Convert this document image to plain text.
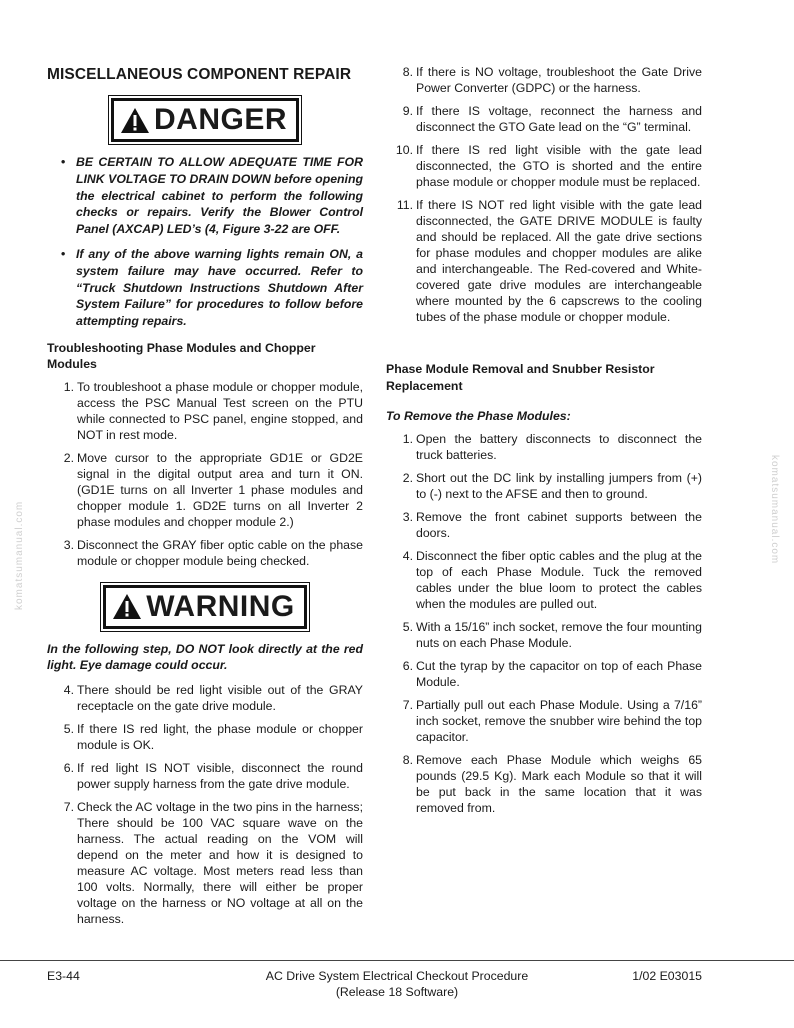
komatsumanual.com	komatsumanual.com
MISCELLANEOUS COMPONENT REPAIR
DANGER
• BE CERTAIN TO ALLOW ADEQUATE TIME FOR LINK VOLTAGE TO DRAIN DOWN before opening the electrical cabinet to perform the following checks or repairs. Verify the Blower Control Panel (AXCAP) LED’s (4, Figure 3-22 are OFF.
• If any of the above warning lights remain ON, a system failure may have occurred. Refer to “Truck Shutdown Instructions Shutdown After System Failure” for procedures to follow before attempting repairs.
Troubleshooting Phase Modules and Chopper Modules
1. To troubleshoot a phase module or chopper module, access the PSC Manual Test screen on the PTU while connected to PSC panel, engine stopped, and NOT in rest mode.
2. Move cursor to the appropriate GD1E or GD2E signal in the digital output area and turn it ON. (GD1E turns on all Inverter 1 phase modules and chopper module 1. GD2E turns on all Inverter 2 phase modules and chopper module 2.)
3. Disconnect the GRAY fiber optic cable on the phase module or chopper module being checked.
WARNING
In the following step, DO NOT look directly at the red light. Eye damage could occur.
4. There should be red light visible out of the GRAY receptacle on the gate drive module.
5. If there IS red light, the phase module or chopper module is OK.
6. If red light IS NOT visible, disconnect the round power supply harness from the gate drive module.
7. Check the AC voltage in the two pins in the harness; There should be 100 VAC square wave on the harness. The actual reading on the VOM will depend on the meter and how it is designed to measure AC voltage. Most meters read less than 100 volts. Normally, there will either be proper voltage on the harness or NO voltage at all on the harness.
8. If there is NO voltage, troubleshoot the Gate Drive Power Converter (GDPC) or the harness.
9. If there IS voltage, reconnect the harness and disconnect the GTO Gate lead on the “G” terminal.
10. If there IS red light visible with the gate lead disconnected, the GTO is shorted and the entire phase module or chopper module must be replaced.
11. If there IS NOT red light visible with the gate lead disconnected, the GATE DRIVE MODULE is faulty and should be replaced. All the gate drive sections for phase modules and chopper modules are alike and interchangeable. The Red-covered and White-covered gate drive modules are interchangeable where mounted by the 6 capscrews to the cooling tubes of the phase module or chopper module.
Phase Module Removal and Snubber Resistor Replacement
To Remove the Phase Modules:
1. Open the battery disconnects to disconnect the truck batteries.
2. Short out the DC link by installing jumpers from (+) to (-) next to the AFSE and then to ground.
3. Remove the front cabinet supports between the doors.
4. Disconnect the fiber optic cables and the plug at the top of each Phase Module. Tuck the removed cables under the blue loom to protect the cables when the modules are pulled out.
5. With a 15/16” inch socket, remove the four mounting nuts on each Phase Module.
6. Cut the tyrap by the capacitor on top of each Phase Module.
7. Partially pull out each Phase Module. Using a 7/16” inch socket, remove the snubber wire behind the top capacitor.
8. Remove each Phase Module which weighs 65 pounds (29.5 Kg). Mark each Module so that it will be put back in the same location that it was removed from.
E3-44	AC Drive System Electrical Checkout Procedure
(Release 18 Software)
1/02 E03015
